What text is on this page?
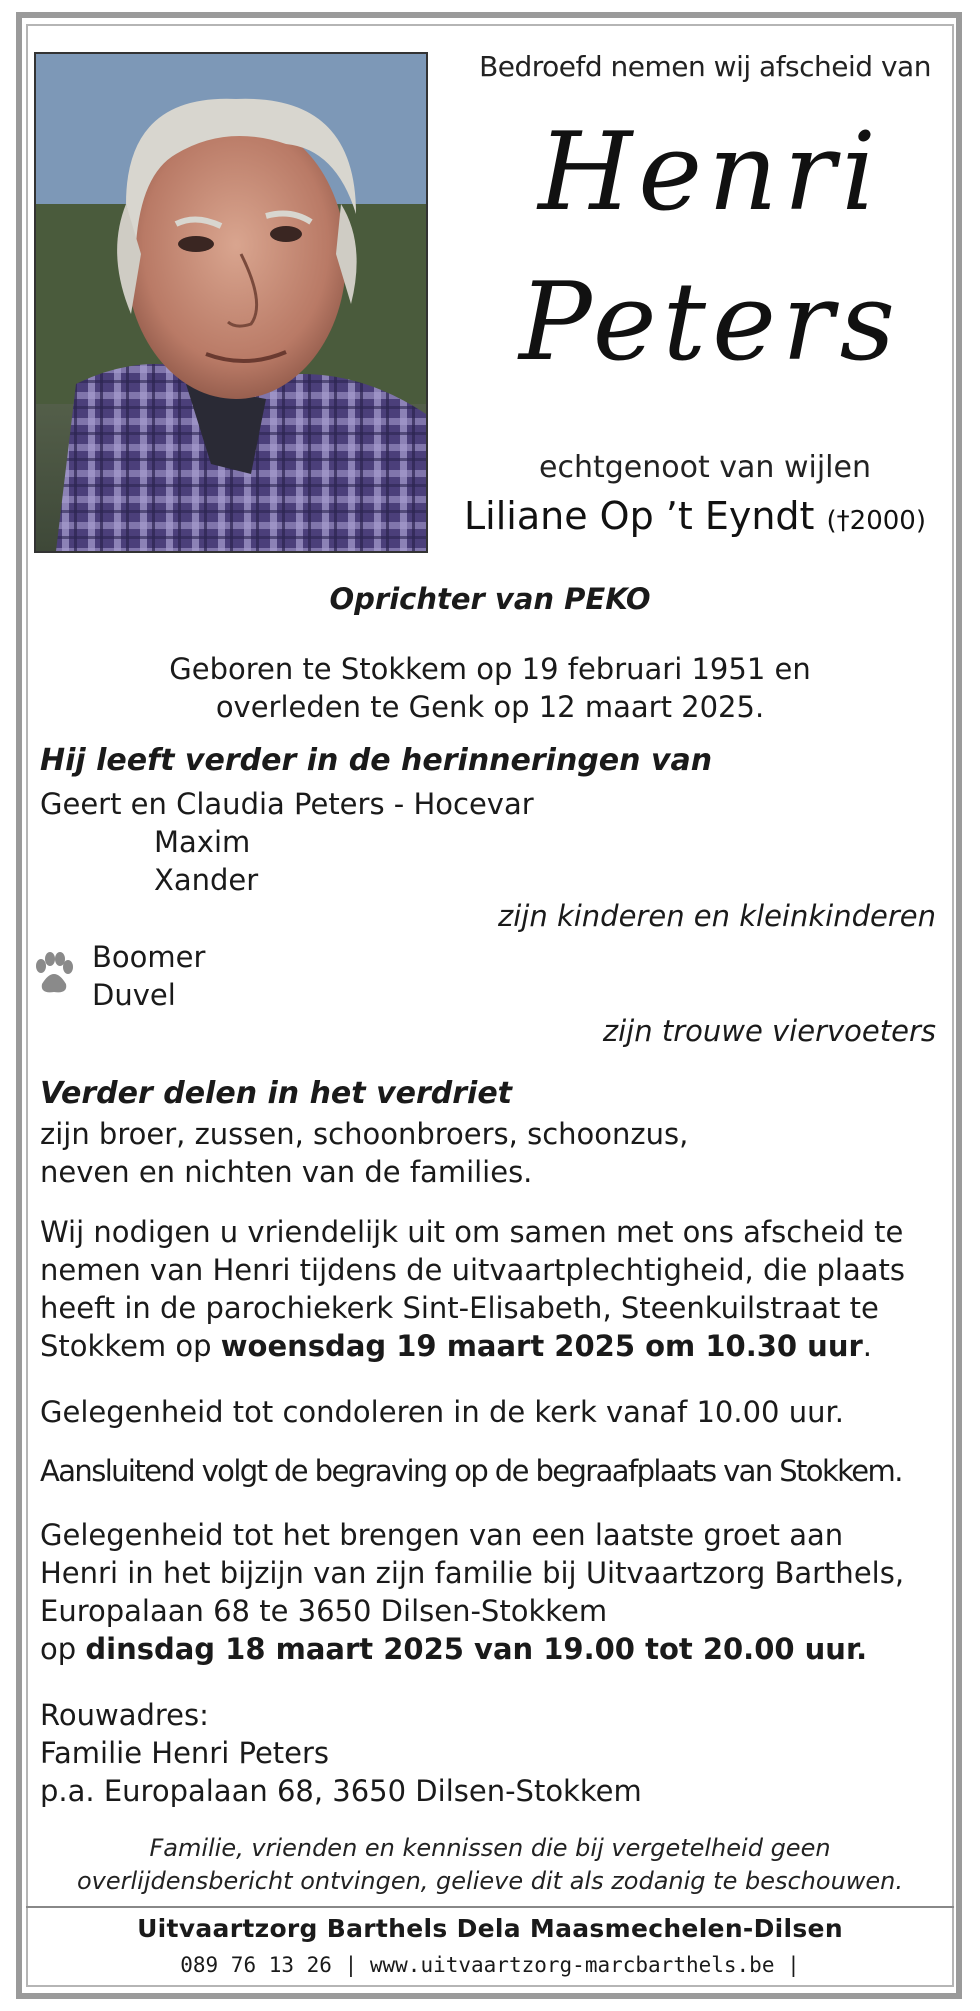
Bedroefd nemen wij afscheid van
Henri
Peters
echtgenoot van wijlen
Liliane Op ’t Eyndt (†2000)
Oprichter van PEKO
Geboren te Stokkem op 19 februari 1951 en
overleden te Genk op 12 maart 2025.
Hij leeft verder in de herinneringen van
Geert en Claudia Peters - Hocevar
Maxim
Xander
zijn kinderen en kleinkinderen
Boomer
Duvel
zijn trouwe viervoeters
Verder delen in het verdriet
zijn broer, zussen, schoonbroers, schoonzus,
neven en nichten van de families.
Wij nodigen u vriendelijk uit om samen met ons afscheid te
nemen van Henri tijdens de uitvaartplechtigheid, die plaats
heeft in de parochiekerk Sint-Elisabeth, Steenkuilstraat te
Stokkem op woensdag 19 maart 2025 om 10.30 uur.
Gelegenheid tot condoleren in de kerk vanaf 10.00 uur.
Aansluitend volgt de begraving op de begraafplaats van Stokkem.
Gelegenheid tot het brengen van een laatste groet aan
Henri in het bijzijn van zijn familie bij Uitvaartzorg Barthels,
Europalaan 68 te 3650 Dilsen-Stokkem
op dinsdag 18 maart 2025 van 19.00 tot 20.00 uur.
Rouwadres:
Familie Henri Peters
p.a. Europalaan 68, 3650 Dilsen-Stokkem
Familie, vrienden en kennissen die bij vergetelheid geen
overlijdensbericht ontvingen, gelieve dit als zodanig te beschouwen.
Uitvaartzorg Barthels Dela Maasmechelen-Dilsen
089 76 13 26 | www.uitvaartzorg-marcbarthels.be |
